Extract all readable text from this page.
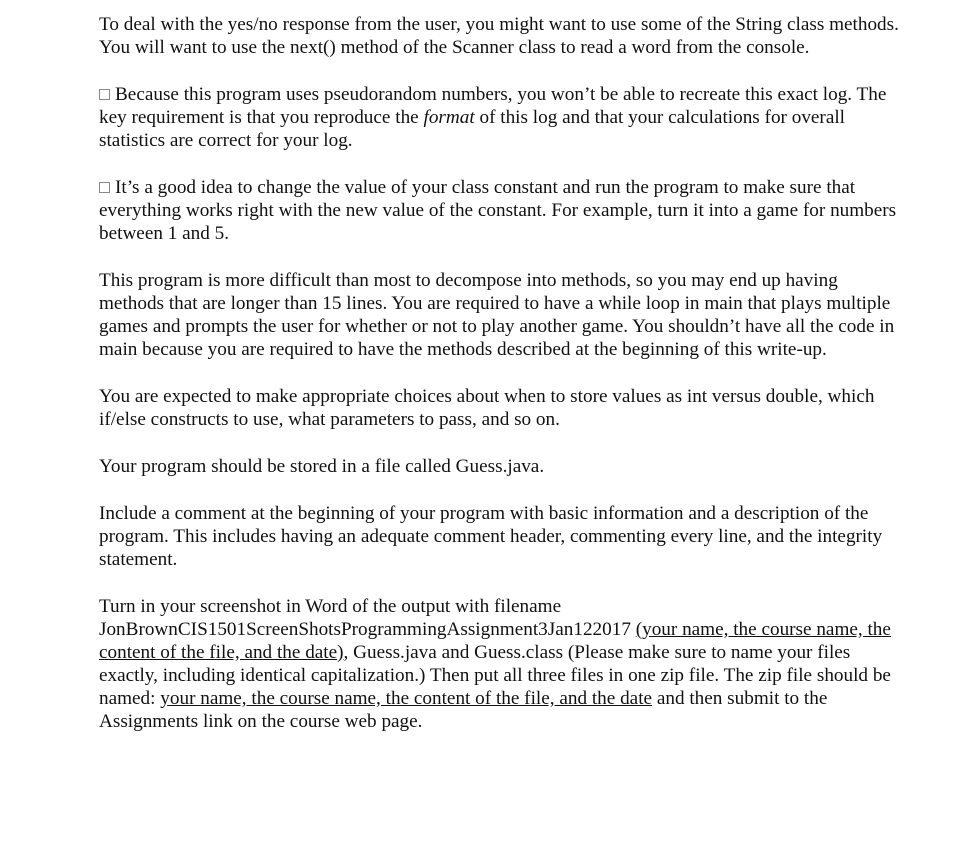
To deal with the yes/no response from the user, you might want to use some of the String class methods. You will want to use the next() method of the Scanner class to read a word from the console.

Because this program uses pseudorandom numbers, you won’t be able to recreate this exact log. The key requirement is that you reproduce the format of this log and that your calculations for overall statistics are correct for your log.

It’s a good idea to change the value of your class constant and run the program to make sure that everything works right with the new value of the constant. For example, turn it into a game for numbers between 1 and 5.

This program is more difficult than most to decompose into methods, so you may end up having methods that are longer than 15 lines. You are required to have a while loop in main that plays multiple games and prompts the user for whether or not to play another game. You shouldn’t have all the code in main because you are required to have the methods described at the beginning of this write-up.

You are expected to make appropriate choices about when to store values as int versus double, which if/else constructs to use, what parameters to pass, and so on.

Your program should be stored in a file called Guess.java.

Include a comment at the beginning of your program with basic information and a description of the program. This includes having an adequate comment header, commenting every line, and the integrity statement.

Turn in your screenshot in Word of the output with filename JonBrownCIS1501ScreenShotsProgrammingAssignment3Jan122017 (your name, the course name, the content of the file, and the date), Guess.java and Guess.class (Please make sure to name your files exactly, including identical capitalization.) Then put all three files in one zip file. The zip file should be named: your name, the course name, the content of the file, and the date and then submit to the Assignments link on the course web page.
